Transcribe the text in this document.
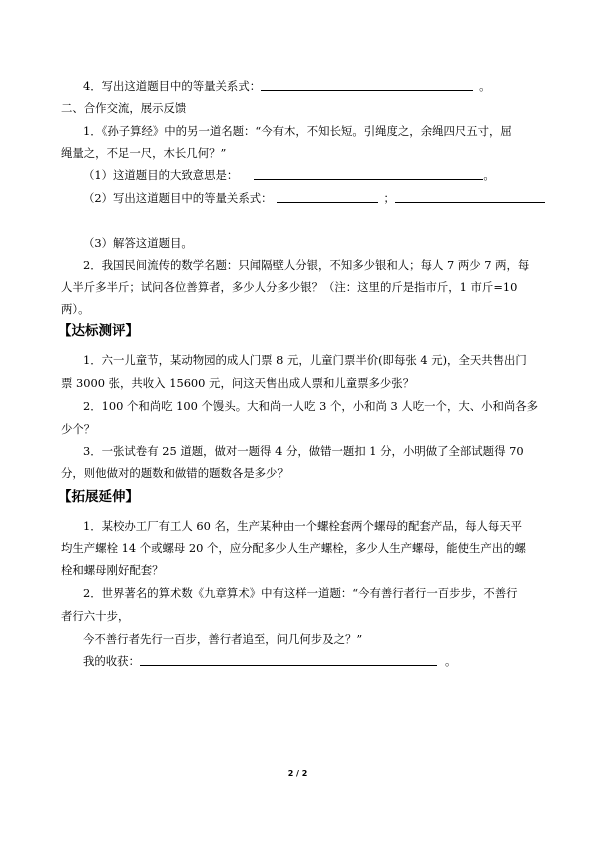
4．写出这道题目中的等量关系式：	。
二、合作交流，展示反馈
1．《孙子算经》中的另一道名题：“今有木，不知长短。引绳度之，余绳四尺五寸，屈
绳量之，不足一尺，木长几何？”
（1）这道题目的大致意思是：	。
（2）写出这道题目中的等量关系式：	；
（3）解答这道题目。
2．我国民间流传的数学名题：只闻隔壁人分银，不知多少银和人；每人 7 两少 7 两，每
人半斤多半斤；试问各位善算者，多少人分多少银？（注：这里的斤是指市斤，1 市斤=10
两）。
【达标测评】
1．六一儿童节，某动物园的成人门票 8 元，儿童门票半价(即每张 4 元)，全天共售出门
票 3000 张，共收入 15600 元，问这天售出成人票和儿童票多少张？
2．100 个和尚吃 100 个馒头。大和尚一人吃 3 个，小和尚 3 人吃一个，大、小和尚各多
少个？
3．一张试卷有 25 道题，做对一题得 4 分，做错一题扣 1 分，小明做了全部试题得 70
分，则他做对的题数和做错的题数各是多少？
【拓展延伸】
1．某校办工厂有工人 60 名，生产某种由一个螺栓套两个螺母的配套产品，每人每天平
均生产螺栓 14 个或螺母 20 个，应分配多少人生产螺栓，多少人生产螺母，能使生产出的螺
栓和螺母刚好配套？
2．世界著名的算术数《九章算术》中有这样一道题：“今有善行者行一百步步，不善行
者行六十步，
今不善行者先行一百步，善行者追至，问几何步及之？”
我的收获：	。
2 / 2
